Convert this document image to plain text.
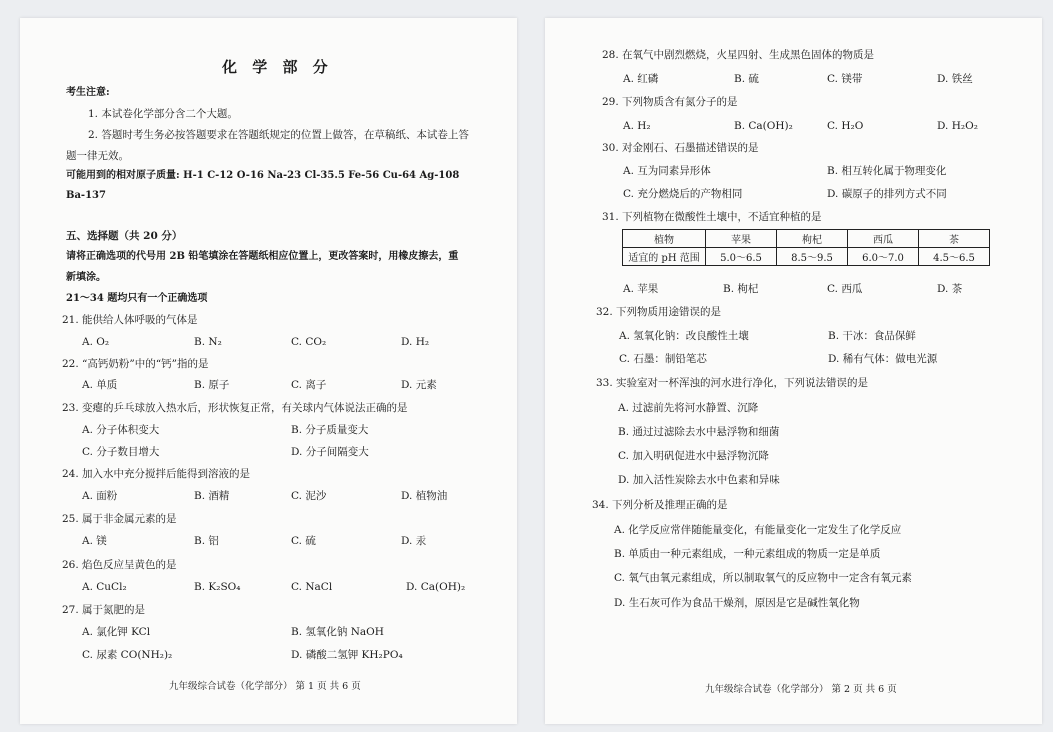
化 学 部 分
考生注意:
1. 本试卷化学部分含二个大题。
2. 答题时考生务必按答题要求在答题纸规定的位置上做答，在草稿纸、本试卷上答
题一律无效。
可能用到的相对原子质量: H-1 C-12 O-16 Na-23 Cl-35.5 Fe-56 Cu-64 Ag-108
Ba-137
五、选择题（共 20 分）
请将正确选项的代号用 2B 铅笔填涂在答题纸相应位置上，更改答案时，用橡皮擦去，重
新填涂。
21～34 题均只有一个正确选项
21. 能供给人体呼吸的气体是
A. O₂	B. N₂	C. CO₂	D. H₂
22. “高钙奶粉”中的“钙”指的是
A. 单质	B. 原子	C. 离子	D. 元素
23. 变瘪的乒乓球放入热水后，形状恢复正常，有关球内气体说法正确的是
A. 分子体积变大	B. 分子质量变大
C. 分子数目增大	D. 分子间隔变大
24. 加入水中充分搅拌后能得到溶液的是
A. 面粉	B. 酒精	C. 泥沙	D. 植物油
25. 属于非金属元素的是
A. 镁	B. 铝	C. 硫	D. 汞
26. 焰色反应呈黄色的是
A. CuCl₂	B. K₂SO₄	C. NaCl	D. Ca(OH)₂
27. 属于氮肥的是
A. 氯化钾 KCl	B. 氢氧化钠 NaOH
C. 尿素 CO(NH₂)₂	D. 磷酸二氢钾 KH₂PO₄
九年级综合试卷（化学部分） 第 1 页 共 6 页
28. 在氧气中剧烈燃烧，火星四射、生成黑色固体的物质是
A. 红磷	B. 硫	C. 镁带	D. 铁丝
29. 下列物质含有氮分子的是
A. H₂	B. Ca(OH)₂	C. H₂O	D. H₂O₂
30. 对金刚石、石墨描述错误的是
A. 互为同素异形体	B. 相互转化属于物理变化
C. 充分燃烧后的产物相同	D. 碳原子的排列方式不同
31. 下列植物在微酸性土壤中，不适宜种植的是
植物	苹果	枸杞	西瓜	茶
适宜的 pH 范围	5.0～6.5	8.5～9.5	6.0～7.0	4.5～6.5
A. 苹果	B. 枸杞	C. 西瓜	D. 茶
32. 下列物质用途错误的是
A. 氢氧化钠：改良酸性土壤	B. 干冰：食品保鲜
C. 石墨：制铅笔芯	D. 稀有气体：做电光源
33. 实验室对一杯浑浊的河水进行净化，下列说法错误的是
A. 过滤前先将河水静置、沉降
B. 通过过滤除去水中悬浮物和细菌
C. 加入明矾促进水中悬浮物沉降
D. 加入活性炭除去水中色素和异味
34. 下列分析及推理正确的是
A. 化学反应常伴随能量变化，有能量变化一定发生了化学反应
B. 单质由一种元素组成，一种元素组成的物质一定是单质
C. 氧气由氧元素组成，所以制取氧气的反应物中一定含有氧元素
D. 生石灰可作为食品干燥剂，原因是它是碱性氧化物
九年级综合试卷（化学部分） 第 2 页 共 6 页
